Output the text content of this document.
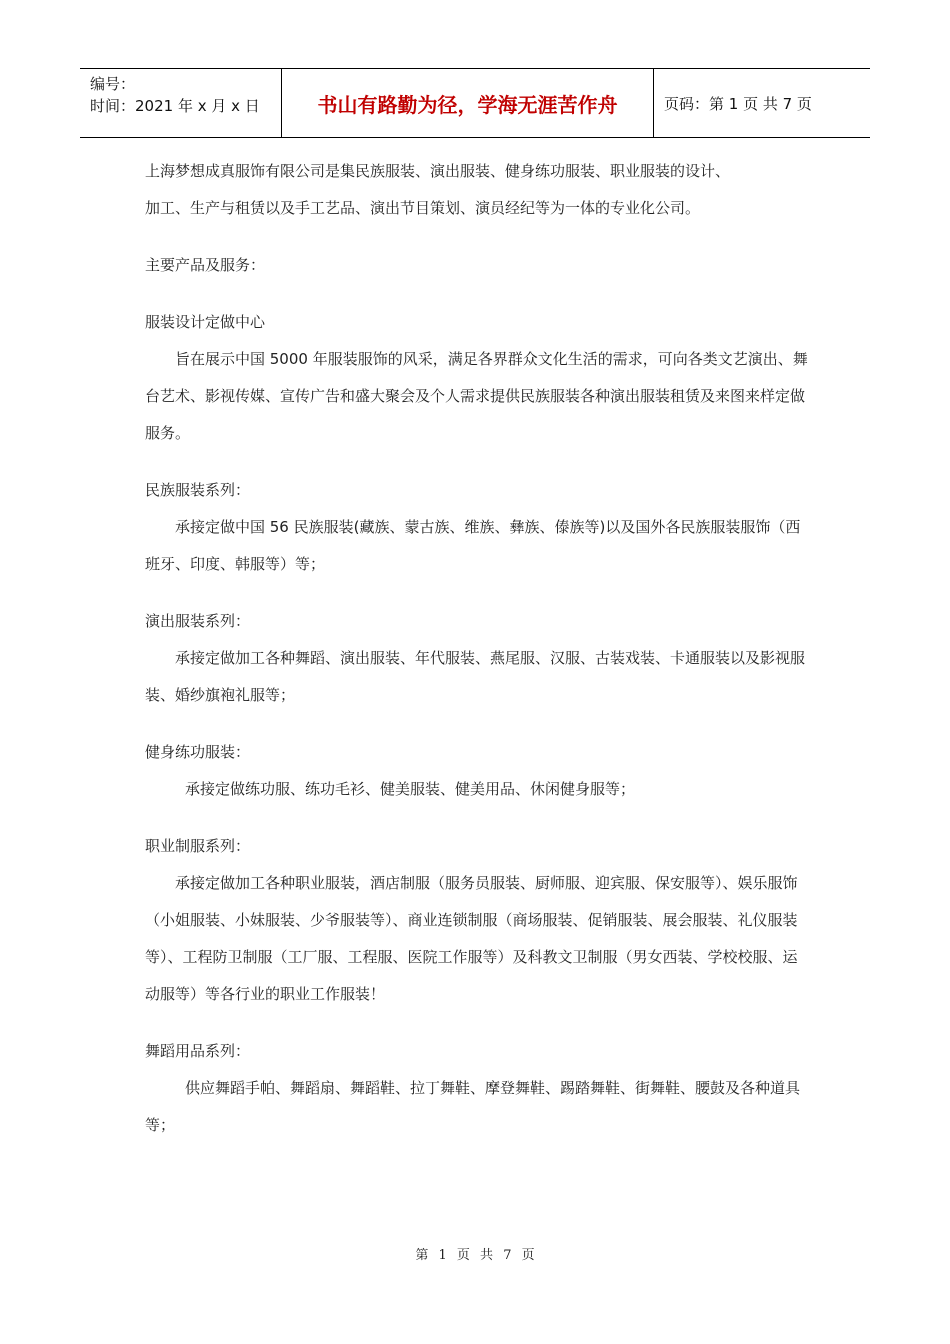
编号：
时间：2021 年 x 月 x 日	书山有路勤为径，学海无涯苦作舟	页码：第 1 页 共 7 页

上海梦想成真服饰有限公司是集民族服装、演出服装、健身练功服装、职业服装的设计、

加工、生产与租赁以及手工艺品、演出节目策划、演员经纪等为一体的专业化公司。

主要产品及服务：

服装设计定做中心

旨在展示中国 5000 年服装服饰的风采，满足各界群众文化生活的需求，可向各类文艺演出、舞台艺术、影视传媒、宣传广告和盛大聚会及个人需求提供民族服装各种演出服装租赁及来图来样定做服务。

民族服装系列：

承接定做中国 56 民族服装(藏族、蒙古族、维族、彝族、傣族等)以及国外各民族服装服饰（西班牙、印度、韩服等）等；

演出服装系列：

承接定做加工各种舞蹈、演出服装、年代服装、燕尾服、汉服、古装戏装、卡通服装以及影视服装、婚纱旗袍礼服等；

健身练功服装：

承接定做练功服、练功毛衫、健美服装、健美用品、休闲健身服等；

职业制服系列：

承接定做加工各种职业服装，酒店制服（服务员服装、厨师服、迎宾服、保安服等）、娱乐服饰（小姐服装、小妹服装、少爷服装等）、商业连锁制服（商场服装、促销服装、展会服装、礼仪服装等）、工程防卫制服（工厂服、工程服、医院工作服等）及科教文卫制服（男女西装、学校校服、运动服等）等各行业的职业工作服装！

舞蹈用品系列：

供应舞蹈手帕、舞蹈扇、舞蹈鞋、拉丁舞鞋、摩登舞鞋、踢踏舞鞋、街舞鞋、腰鼓及各种道具等；

第 1 页 共 7 页
